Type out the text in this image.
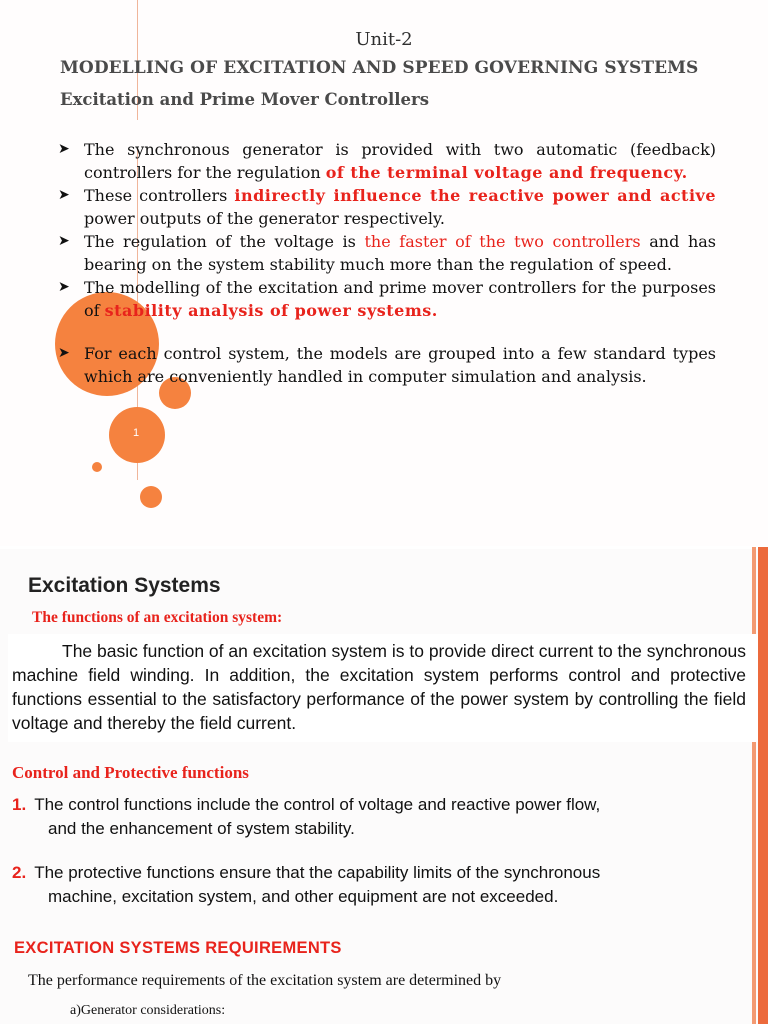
1
Unit-2
MODELLING OF EXCITATION AND SPEED GOVERNING SYSTEMS
Excitation and Prime Mover Controllers
➤ The synchronous generator is provided with two automatic (feedback) controllers for the regulation of the terminal voltage and frequency.
➤ These controllers indirectly influence the reactive power and active power outputs of the generator respectively.
➤ The regulation of the voltage is the faster of the two controllers and has bearing on the system stability much more than the regulation of speed.
➤ The modelling of the excitation and prime mover controllers for the purposes of stability analysis of power systems.
➤ For each control system, the models are grouped into a few standard types which are conveniently handled in computer simulation and analysis.
Excitation Systems
The functions of an excitation system:
The basic function of an excitation system is to provide direct current to the synchronous machine field winding. In addition, the excitation system performs control and protective functions essential to the satisfactory performance of the power system by controlling the field voltage and thereby the field current.
Control and Protective functions
1. The control functions include the control of voltage and reactive power flow,
and the enhancement of system stability.
2. The protective functions ensure that the capability limits of the synchronous
machine, excitation system, and other equipment are not exceeded.
EXCITATION SYSTEMS REQUIREMENTS
The performance requirements of the excitation system are determined by
a)Generator considerations:
